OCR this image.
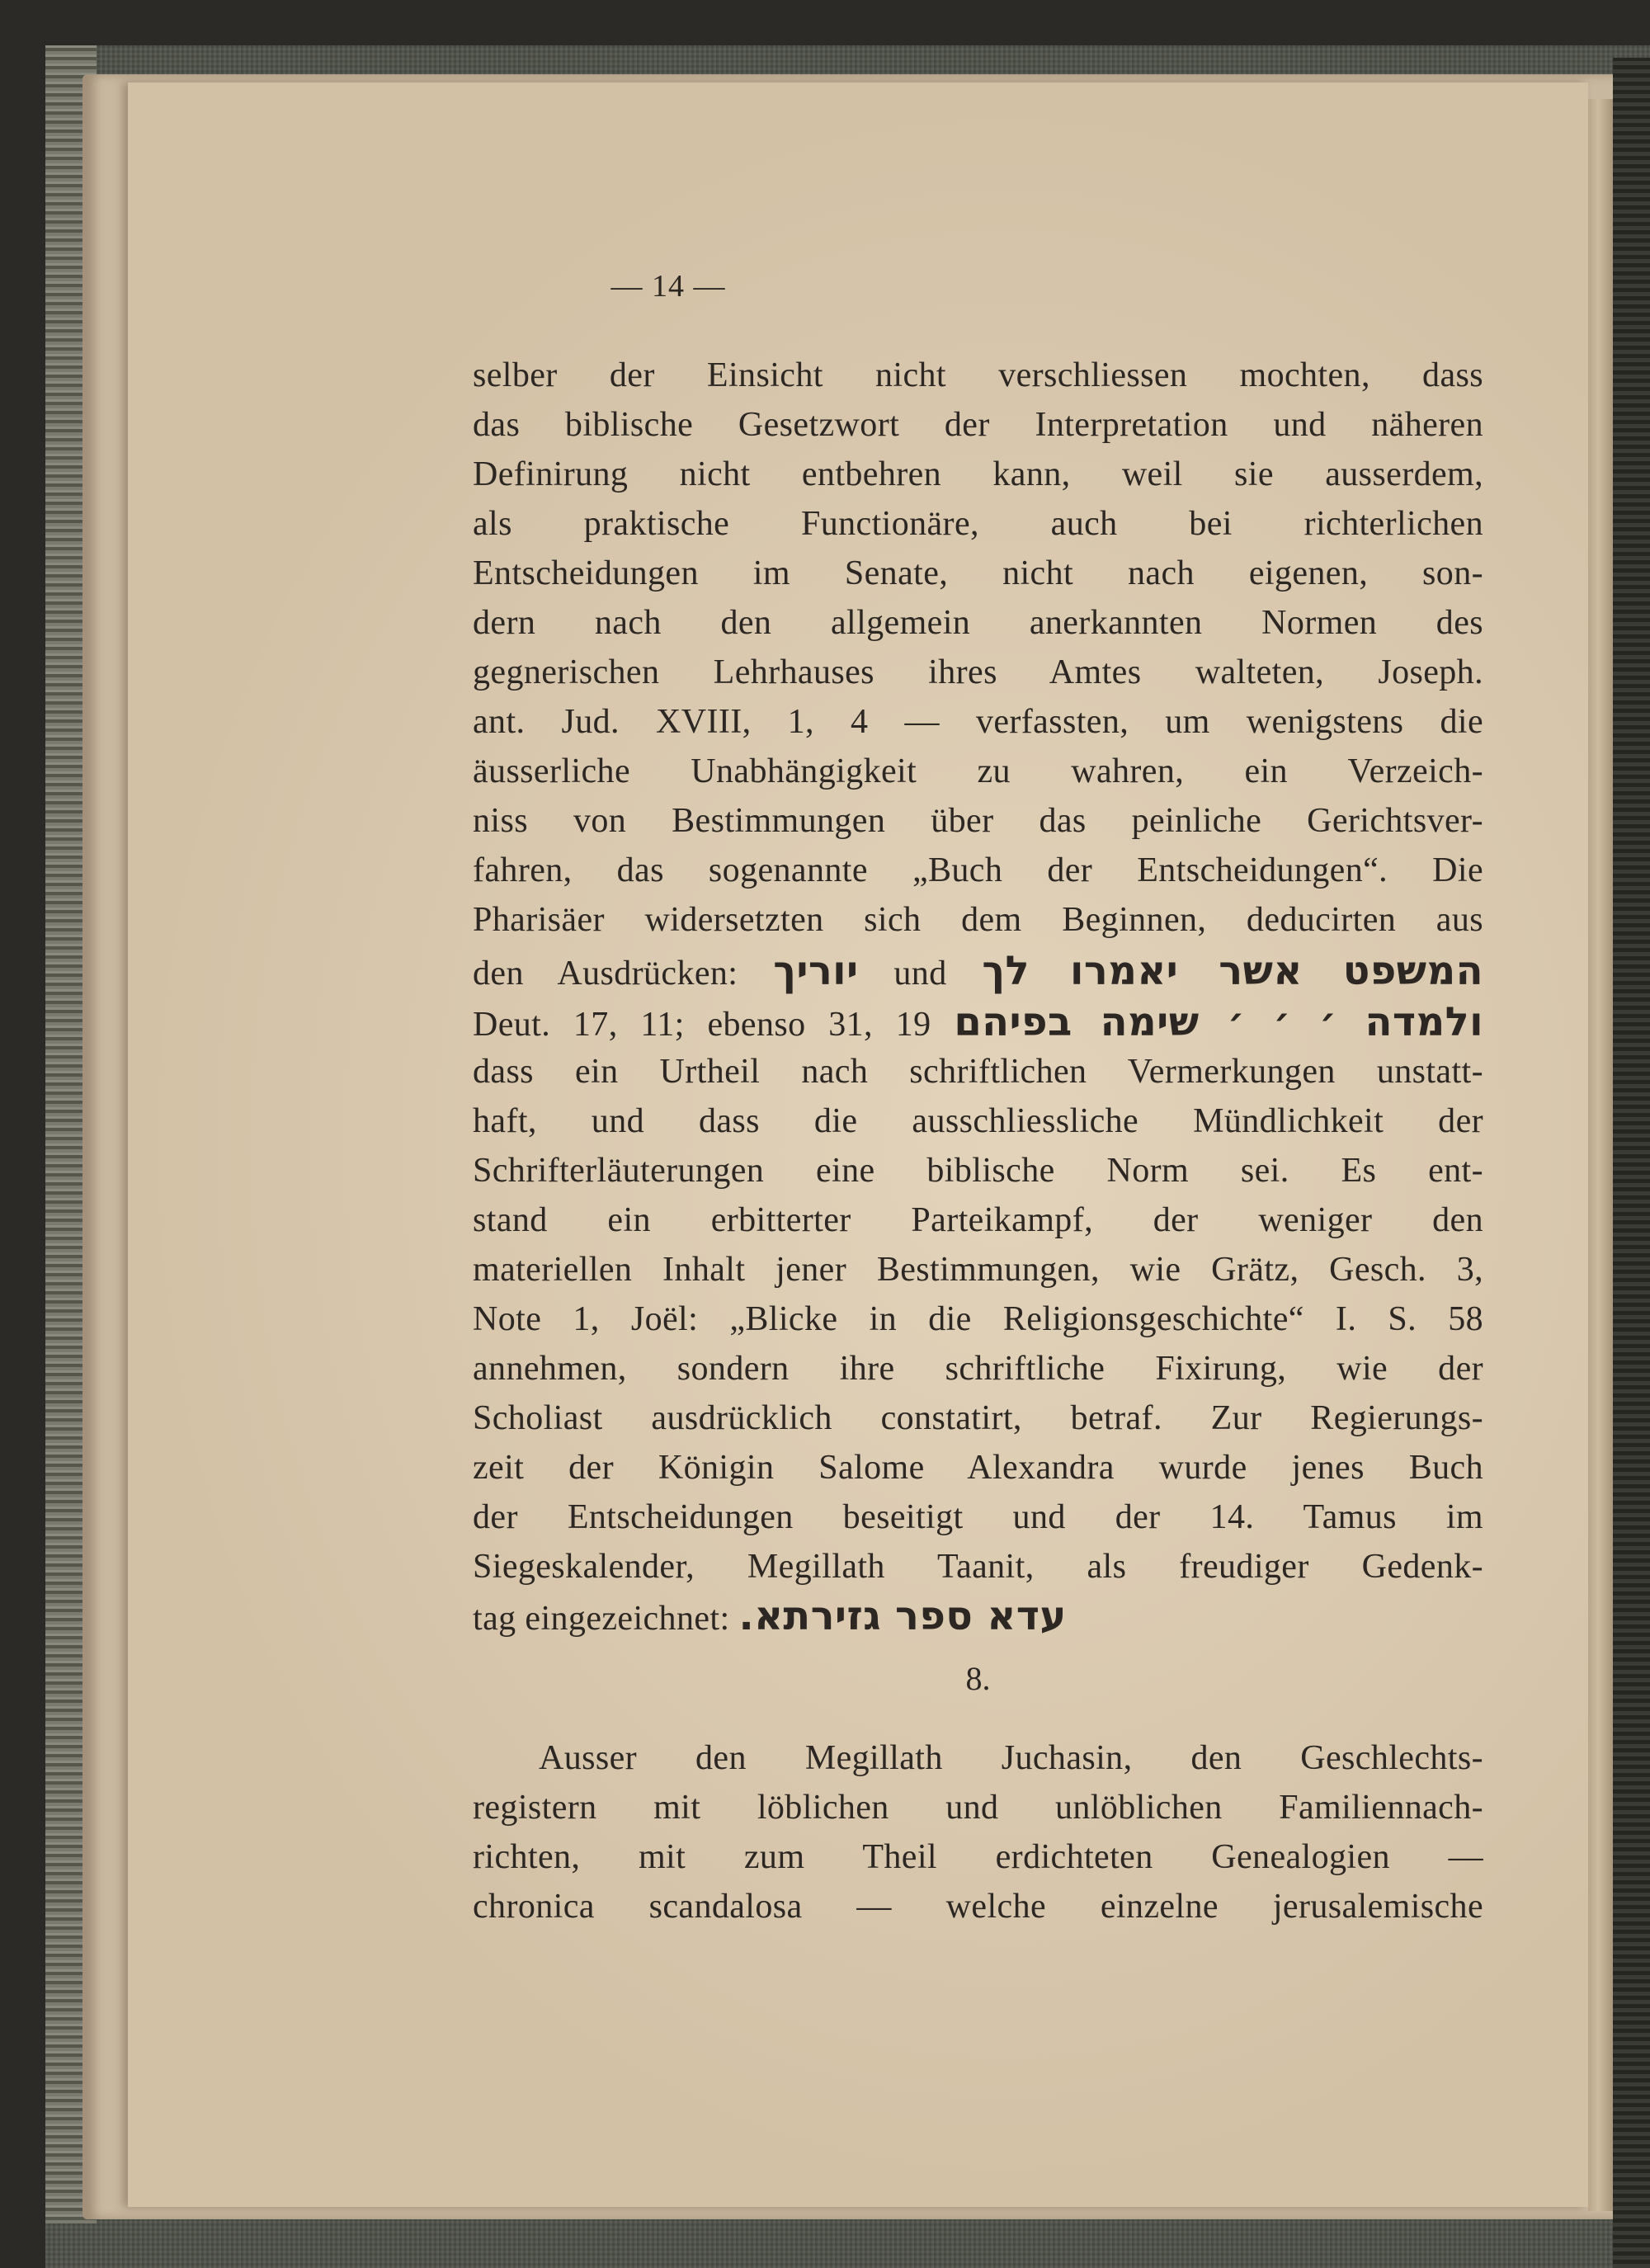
— 14 —
selber der Einsicht nicht verschliessen mochten, dass
das biblische Gesetzwort der Interpretation und näheren
Definirung nicht entbehren kann, weil sie ausserdem,
als praktische Functionäre, auch bei richterlichen
Entscheidungen im Senate, nicht nach eigenen, son-
dern nach den allgemein anerkannten Normen des
gegnerischen Lehrhauses ihres Amtes walteten, Joseph.
ant. Jud. XVIII, 1, 4 — verfassten, um wenigstens die
äusserliche Unabhängigkeit zu wahren, ein Verzeich-
niss von Bestimmungen über das peinliche Gerichtsver-
fahren, das sogenannte „Buch der Entscheidungen“. Die
Pharisäer widersetzten sich dem Beginnen, deducirten aus
den Ausdrücken: יוריך und המשפט אשר יאמרו לך
Deut. 17, 11; ebenso 31, 19 ולמדה ׳ ׳ ׳ שימה בפיהם
dass ein Urtheil nach schriftlichen Vermerkungen unstatt-
haft, und dass die ausschliessliche Mündlichkeit der
Schrifterläuterungen eine biblische Norm sei. Es ent-
stand ein erbitterter Parteikampf, der weniger den
materiellen Inhalt jener Bestimmungen, wie Grätz, Gesch. 3,
Note 1, Joël: „Blicke in die Religionsgeschichte“ I. S. 58
annehmen, sondern ihre schriftliche Fixirung, wie der
Scholiast ausdrücklich constatirt, betraf. Zur Regierungs-
zeit der Königin Salome Alexandra wurde jenes Buch
der Entscheidungen beseitigt und der 14. Tamus im
Siegeskalender, Megillath Taanit, als freudiger Gedenk-
tag eingezeichnet: עדא ספר גזירתא.
8.
Ausser den Megillath Juchasin, den Geschlechts-
registern mit löblichen und unlöblichen Familiennach-
richten, mit zum Theil erdichteten Genealogien —
chronica scandalosa — welche einzelne jerusalemische
